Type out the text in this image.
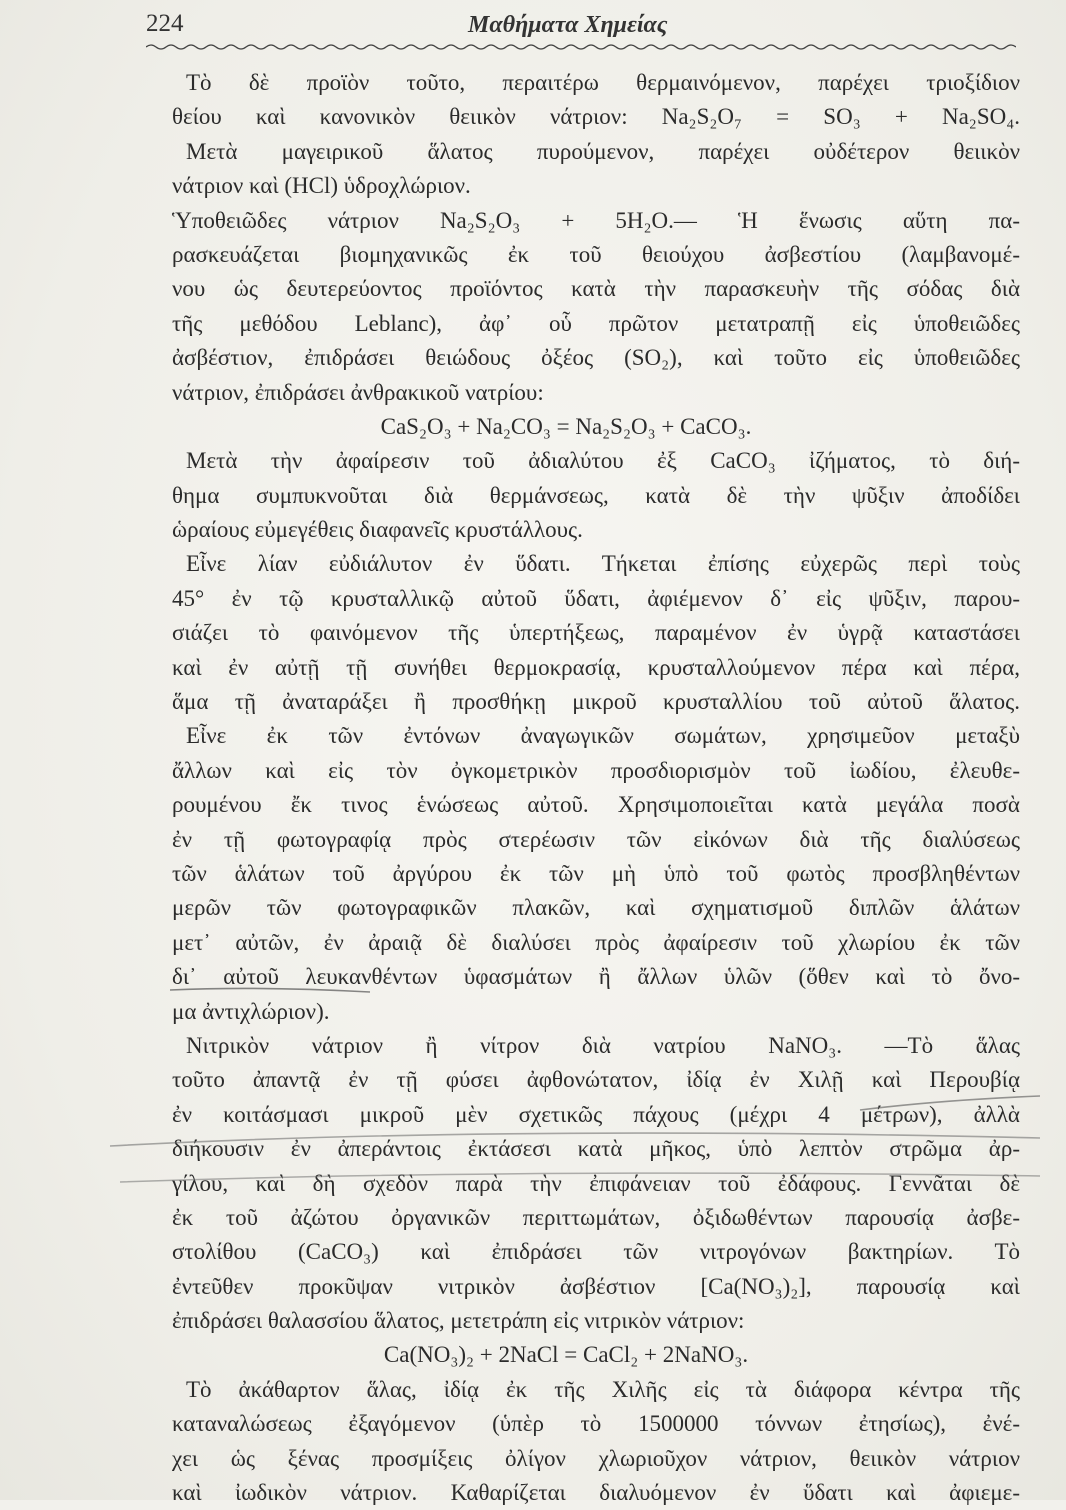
224	Μαθήματα Χημείας
Τὸ δὲ προϊὸν τοῦτο, περαιτέρω θερμαινόμενον, παρέχει τριοξίδιον
θείου καὶ κανονικὸν θειικὸν νάτριον: Na₂S₂O₇ = SO₃ + Na₂SO₄.
Μετὰ μαγειρικοῦ ἅλατος πυρούμενον, παρέχει οὐδέτερον θειικὸν
νάτριον καὶ (HCl) ὑδροχλώριον.
Ὑποθειῶδες νάτριον Na₂S₂O₃ + 5H₂O.— Ἡ ἕνωσις αὕτη πα-
ρασκευάζεται βιομηχανικῶς ἐκ τοῦ θειούχου ἀσβεστίου (λαμβανομέ-
νου ὡς δευτερεύοντος προϊόντος κατὰ τὴν παρασκευὴν τῆς σόδας διὰ
τῆς μεθόδου Leblanc), ἀφ᾽ οὗ πρῶτον μετατραπῇ εἰς ὑποθειῶδες
ἀσβέστιον, ἐπιδράσει θειώδους ὀξέος (SO₂), καὶ τοῦτο εἰς ὑποθειῶδες
νάτριον, ἐπιδράσει ἀνθρακικοῦ νατρίου:
CaS₂O₃ + Na₂CO₃ = Na₂S₂O₃ + CaCO₃.
Μετὰ τὴν ἀφαίρεσιν τοῦ ἀδιαλύτου ἐξ CaCO₃ ἰζήματος, τὸ διή-
θημα συμπυκνοῦται διὰ θερμάνσεως, κατὰ δὲ τὴν ψῦξιν ἀποδίδει
ὡραίους εὐμεγέθεις διαφανεῖς κρυστάλλους.
Εἶνε λίαν εὐδιάλυτον ἐν ὕδατι. Τήκεται ἐπίσης εὐχερῶς περὶ τοὺς
45° ἐν τῷ κρυσταλλικῷ αὐτοῦ ὕδατι, ἀφιέμενον δ᾽ εἰς ψῦξιν, παρου-
σιάζει τὸ φαινόμενον τῆς ὑπερτήξεως, παραμένον ἐν ὑγρᾷ καταστάσει
καὶ ἐν αὐτῇ τῇ συνήθει θερμοκρασίᾳ, κρυσταλλούμενον πέρα καὶ πέρα,
ἅμα τῇ ἀναταράξει ἢ προσθήκῃ μικροῦ κρυσταλλίου τοῦ αὐτοῦ ἅλατος.
Εἶνε ἐκ τῶν ἐντόνων ἀναγωγικῶν σωμάτων, χρησιμεῦον μεταξὺ
ἄλλων καὶ εἰς τὸν ὀγκομετρικὸν προσδιορισμὸν τοῦ ἰωδίου, ἐλευθε-
ρουμένου ἔκ τινος ἑνώσεως αὐτοῦ. Χρησιμοποιεῖται κατὰ μεγάλα ποσὰ
ἐν τῇ φωτογραφίᾳ πρὸς στερέωσιν τῶν εἰκόνων διὰ τῆς διαλύσεως
τῶν ἁλάτων τοῦ ἀργύρου ἐκ τῶν μὴ ὑπὸ τοῦ φωτὸς προσβληθέντων
μερῶν τῶν φωτογραφικῶν πλακῶν, καὶ σχηματισμοῦ διπλῶν ἁλάτων
μετ᾽ αὐτῶν, ἐν ἀραιᾷ δὲ διαλύσει πρὸς ἀφαίρεσιν τοῦ χλωρίου ἐκ τῶν
δι᾽ αὐτοῦ λευκανθέντων ὑφασμάτων ἢ ἄλλων ὑλῶν (ὅθεν καὶ τὸ ὄνο-
μα ἀντιχλώριον).
Νιτρικὸν νάτριον ἢ νίτρον διὰ νατρίου NaNO₃. —Τὸ ἅλας
τοῦτο ἀπαντᾷ ἐν τῇ φύσει ἀφθονώτατον, ἰδίᾳ ἐν Χιλῇ καὶ Περουβίᾳ
ἐν κοιτάσμασι μικροῦ μὲν σχετικῶς πάχους (μέχρι 4 μέτρων), ἀλλὰ
διήκουσιν ἐν ἀπεράντοις ἐκτάσεσι κατὰ μῆκος, ὑπὸ λεπτὸν στρῶμα ἀρ-
γίλου, καὶ δὴ σχεδὸν παρὰ τὴν ἐπιφάνειαν τοῦ ἐδάφους. Γεννᾶται δὲ
ἐκ τοῦ ἀζώτου ὀργανικῶν περιττωμάτων, ὀξιδωθέντων παρουσίᾳ ἀσβε-
στολίθου (CaCO₃) καὶ ἐπιδράσει τῶν νιτρογόνων βακτηρίων. Τὸ
ἐντεῦθεν προκῦψαν νιτρικὸν ἀσβέστιον [Ca(NO₃)₂], παρουσίᾳ καὶ
ἐπιδράσει θαλασσίου ἅλατος, μετετράπη εἰς νιτρικὸν νάτριον:
Ca(NO₃)₂ + 2NaCl = CaCl₂ + 2NaNO₃.
Τὸ ἀκάθαρτον ἅλας, ἰδίᾳ ἐκ τῆς Χιλῆς εἰς τὰ διάφορα κέντρα τῆς
καταναλώσεως ἐξαγόμενον (ὑπὲρ τὸ 1500000 τόννων ἐτησίως), ἐνέ-
χει ὡς ξένας προσμίξεις ὀλίγον χλωριοῦχον νάτριον, θειικὸν νάτριον
καὶ ἰωδικὸν νάτριον. Καθαρίζεται διαλυόμενον ἐν ὕδατι καὶ ἀφιεμε-
